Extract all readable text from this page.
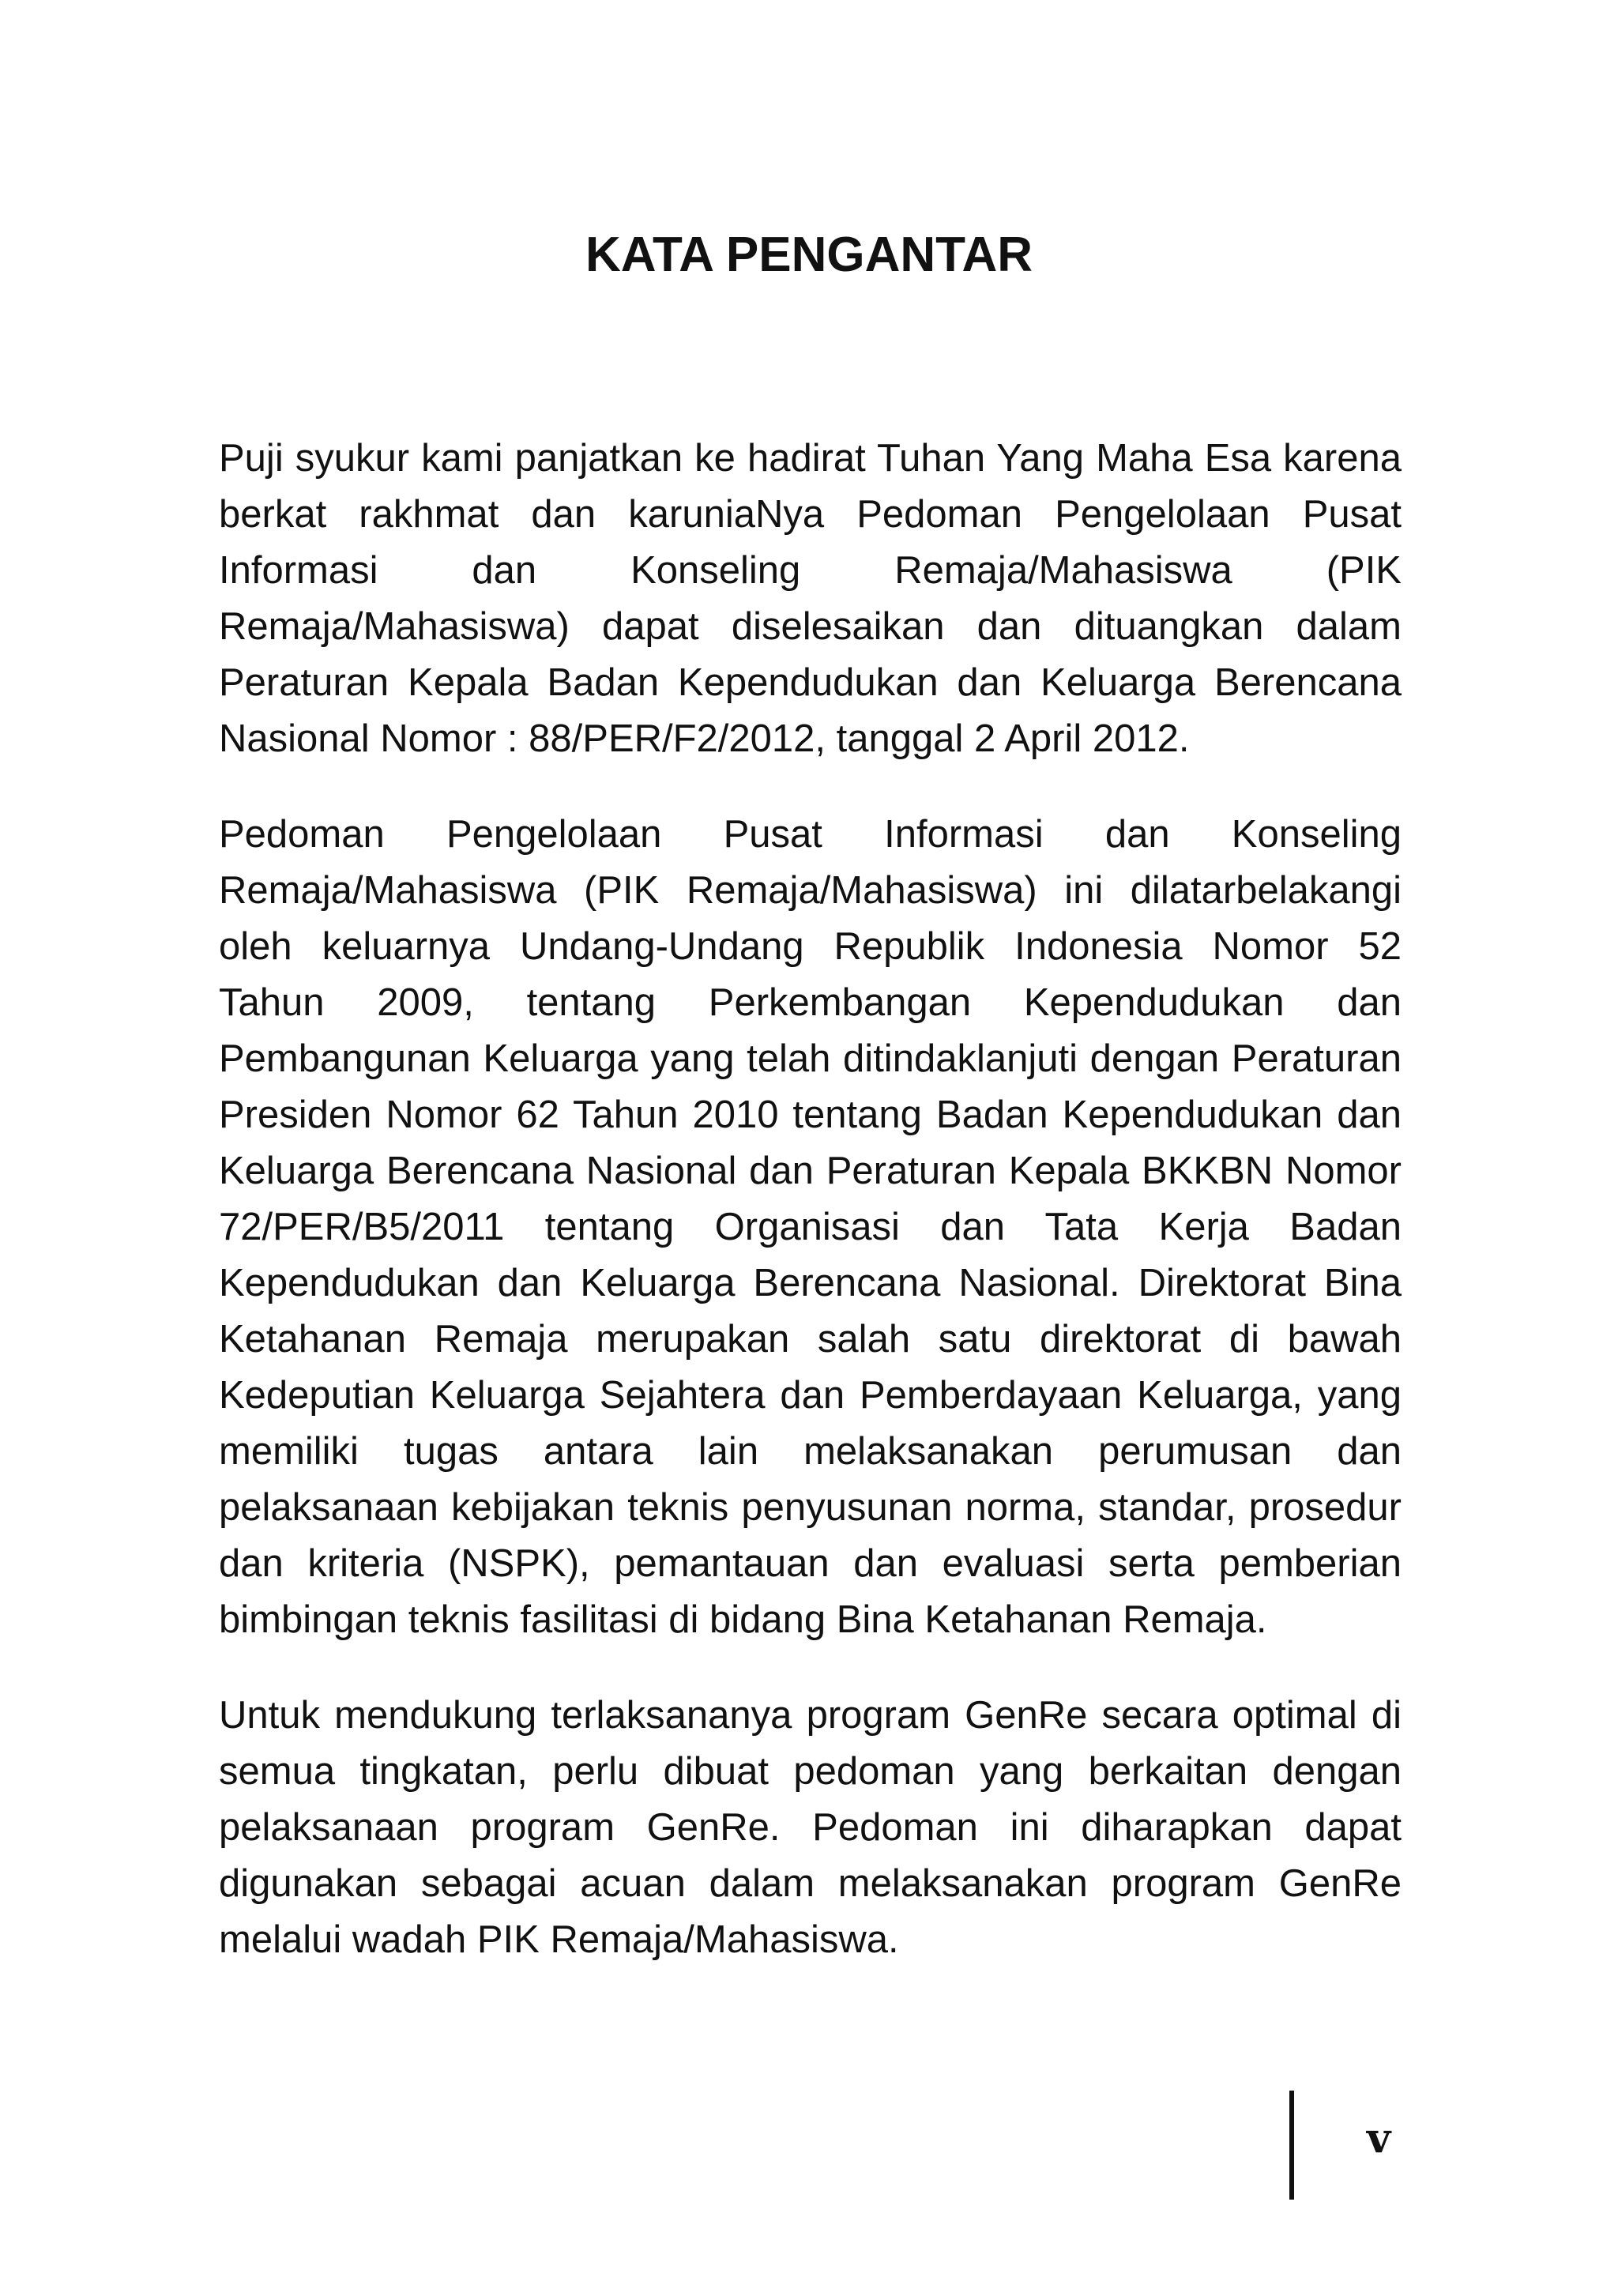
KATA PENGANTAR

Puji syukur kami panjatkan ke hadirat Tuhan Yang Maha Esa karena berkat rakhmat dan karuniaNya Pedoman Pengelolaan Pusat Informasi dan Konseling Remaja/Mahasiswa (PIK Remaja/Mahasiswa) dapat diselesaikan dan dituangkan dalam Peraturan Kepala Badan Kependudukan dan Keluarga Berencana Nasional Nomor : 88/PER/F2/2012, tanggal 2 April 2012.

Pedoman Pengelolaan Pusat Informasi dan Konseling Remaja/Mahasiswa (PIK Remaja/Mahasiswa) ini dilatarbelakangi oleh keluarnya Undang-Undang Republik Indonesia Nomor 52 Tahun 2009, tentang Perkembangan Kependudukan dan Pembangunan Keluarga yang telah ditindaklanjuti dengan Peraturan Presiden Nomor 62 Tahun 2010 tentang Badan Kependudukan dan Keluarga Berencana Nasional dan Peraturan Kepala BKKBN Nomor 72/PER/B5/2011 tentang Organisasi dan Tata Kerja Badan Kependudukan dan Keluarga Berencana Nasional. Direktorat Bina Ketahanan Remaja merupakan salah satu direktorat di bawah Kedeputian Keluarga Sejahtera dan Pemberdayaan Keluarga, yang memiliki tugas antara lain melaksanakan perumusan dan pelaksanaan kebijakan teknis penyusunan norma, standar, prosedur dan kriteria (NSPK), pemantauan dan evaluasi serta pemberian bimbingan teknis fasilitasi di bidang Bina Ketahanan Remaja.

Untuk mendukung terlaksananya program GenRe secara optimal di semua tingkatan, perlu dibuat pedoman yang berkaitan dengan pelaksanaan program GenRe. Pedoman ini diharapkan dapat digunakan sebagai acuan dalam melaksanakan program GenRe melalui wadah PIK Remaja/Mahasiswa.

v
